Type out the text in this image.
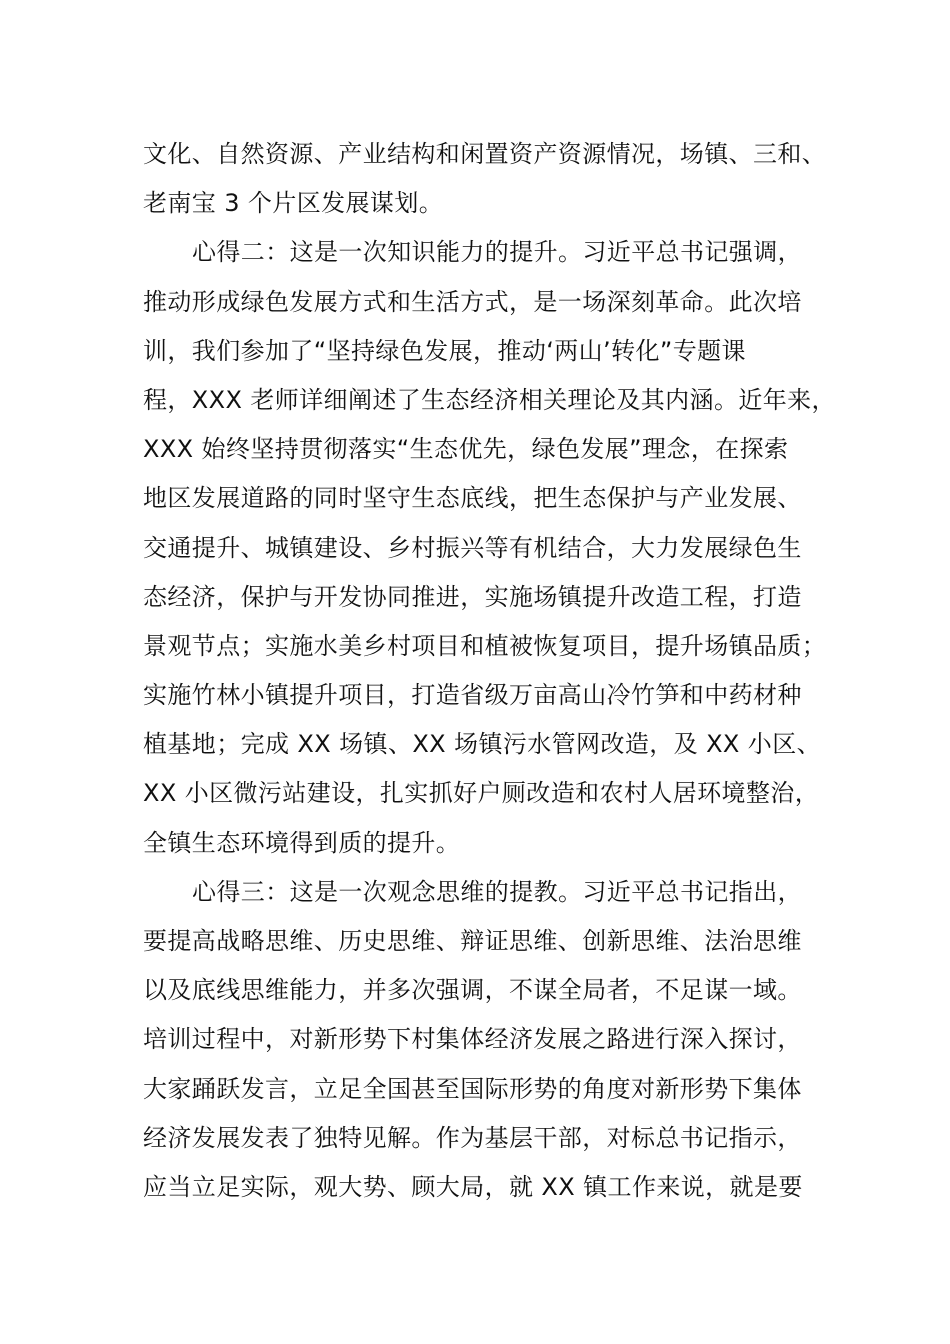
文化、自然资源、产业结构和闲置资产资源情况，场镇、三和、
老南宝 3 个片区发展谋划。
心得二：这是一次知识能力的提升。习近平总书记强调，
推动形成绿色发展方式和生活方式，是一场深刻革命。此次培
训，我们参加了“坚持绿色发展，推动‘两山’转化”专题课
程，XXX 老师详细阐述了生态经济相关理论及其内涵。近年来，
XXX 始终坚持贯彻落实“生态优先，绿色发展”理念，在探索
地区发展道路的同时坚守生态底线，把生态保护与产业发展、
交通提升、城镇建设、乡村振兴等有机结合，大力发展绿色生
态经济，保护与开发协同推进，实施场镇提升改造工程，打造
景观节点；实施水美乡村项目和植被恢复项目，提升场镇品质；
实施竹林小镇提升项目，打造省级万亩高山冷竹笋和中药材种
植基地；完成 XX 场镇、XX 场镇污水管网改造，及 XX 小区、
XX 小区微污站建设，扎实抓好户厕改造和农村人居环境整治，
全镇生态环境得到质的提升。
心得三：这是一次观念思维的提教。习近平总书记指出，
要提高战略思维、历史思维、辩证思维、创新思维、法治思维
以及底线思维能力，并多次强调，不谋全局者，不足谋一域。
培训过程中，对新形势下村集体经济发展之路进行深入探讨，
大家踊跃发言，立足全国甚至国际形势的角度对新形势下集体
经济发展发表了独特见解。作为基层干部，对标总书记指示，
应当立足实际，观大势、顾大局，就 XX 镇工作来说，就是要
